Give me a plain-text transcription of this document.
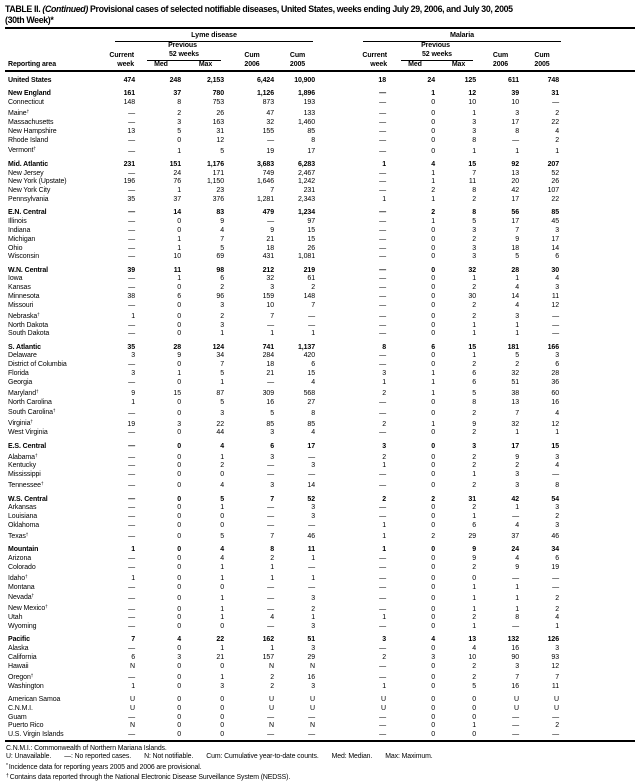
TABLE II. (Continued) Provisional cases of selected notifiable diseases, United States, weeks ending July 29, 2006, and July 30, 2005
(30th Week)*
Reporting area	Lyme disease					Malaria					

		Previous					Previous				
	Current	52 weeks		Cum	Cum	Current	52 weeks		Cum	Cum	
	week	Med	Max	2006	2005	week	Med	Max	2006	2005	

United States	474	248	2,153	6,424	10,900	18	24	125	611	748	

New England	161	37	780	1,126	1,896	—	1	12	39	31	
Connecticut	148	8	753	873	193	—	0	10	10	—	
Maine†	—	2	26	47	133	—	0	1	3	2	
Massachusetts	—	3	163	32	1,460	—	0	3	17	22	
New Hampshire	13	5	31	155	85	—	0	3	8	4	
Rhode Island	—	0	12	—	8	—	0	8	—	2	
Vermont†	—	1	5	19	17	—	0	1	1	1	

Mid. Atlantic	231	151	1,176	3,683	6,283	1	4	15	92	207	
New Jersey	—	24	171	749	2,467	—	1	7	13	52	
New York (Upstate)	196	76	1,150	1,646	1,242	—	1	11	20	26	
New York City	—	1	23	7	231	—	2	8	42	107	
Pennsylvania	35	37	376	1,281	2,343	1	1	2	17	22	

E.N. Central	—	14	83	479	1,234	—	2	8	56	85	
Illinois	—	0	9	—	97	—	1	5	17	45	
Indiana	—	0	4	9	15	—	0	3	7	3	
Michigan	—	1	7	21	15	—	0	2	9	17	
Ohio	—	1	5	18	26	—	0	3	18	14	
Wisconsin	—	10	69	431	1,081	—	0	3	5	6	

W.N. Central	39	11	98	212	219	—	0	32	28	30	
Iowa	—	1	6	32	61	—	0	1	1	4	
Kansas	—	0	2	3	2	—	0	2	4	3	
Minnesota	38	6	96	159	148	—	0	30	14	11	
Missouri	—	0	3	10	7	—	0	2	4	12	
Nebraska†	1	0	2	7	—	—	0	2	3	—	
North Dakota	—	0	3	—	—	—	0	1	1	—	
South Dakota	—	0	1	1	1	—	0	1	1	—	

S. Atlantic	35	28	124	741	1,137	8	6	15	181	166	
Delaware	3	9	34	284	420	—	0	1	5	3	
District of Columbia	—	0	7	18	6	—	0	2	2	6	
Florida	3	1	5	21	15	3	1	6	32	28	
Georgia	—	0	1	—	4	1	1	6	51	36	
Maryland†	9	15	87	309	568	2	1	5	38	60	
North Carolina	1	0	5	16	27	—	0	8	13	16	
South Carolina†	—	0	3	5	8	—	0	2	7	4	
Virginia†	19	3	22	85	85	2	1	9	32	12	
West Virginia	—	0	44	3	4	—	0	2	1	1	

E.S. Central	—	0	4	6	17	3	0	3	17	15	
Alabama†	—	0	1	3	—	2	0	2	9	3	
Kentucky	—	0	2	—	3	1	0	2	2	4	
Mississippi	—	0	0	—	—	—	0	1	3	—	
Tennessee†	—	0	4	3	14	—	0	2	3	8	

W.S. Central	—	0	5	7	52	2	2	31	42	54	
Arkansas	—	0	1	—	3	—	0	2	1	3	
Louisiana	—	0	0	—	3	—	0	1	—	2	
Oklahoma	—	0	0	—	—	1	0	6	4	3	
Texas†	—	0	5	7	46	1	2	29	37	46	

Mountain	1	0	4	8	11	1	0	9	24	34	
Arizona	—	0	4	2	1	—	0	9	4	6	
Colorado	—	0	1	1	—	—	0	2	9	19	
Idaho†	1	0	1	1	1	—	0	0	—	—	
Montana	—	0	0	—	—	—	0	1	1	—	
Nevada†	—	0	1	—	3	—	0	1	1	2	
New Mexico†	—	0	1	—	2	—	0	1	1	2	
Utah	—	0	1	4	1	1	0	2	8	4	
Wyoming	—	0	0	—	3	—	0	1	—	1	

Pacific	7	4	22	162	51	3	4	13	132	126	
Alaska	—	0	1	1	3	—	0	4	16	3	
California	6	3	21	157	29	2	3	10	90	93	
Hawaii	N	0	0	N	N	—	0	2	3	12	
Oregon†	—	0	1	2	16	—	0	2	7	7	
Washington	1	0	3	2	3	1	0	5	16	11	

American Samoa	U	0	0	U	U	U	0	0	U	U	
C.N.M.I.	U	0	0	U	U	U	0	0	U	U	
Guam	—	0	0	—	—	—	0	0	—	—	
Puerto Rico	N	0	0	N	N	—	0	1	—	2	
U.S. Virgin Islands	—	0	0	—	—	—	0	0	—	—	
C.N.M.I.: Commonwealth of Northern Mariana Islands.
U: Unavailable. —: No reported cases. N: Not notifiable. Cum: Cumulative year-to-date counts. Med: Median. Max: Maximum.
*Incidence data for reporting years 2005 and 2006 are provisional.
†Contains data reported through the National Electronic Disease Surveillance System (NEDSS).
